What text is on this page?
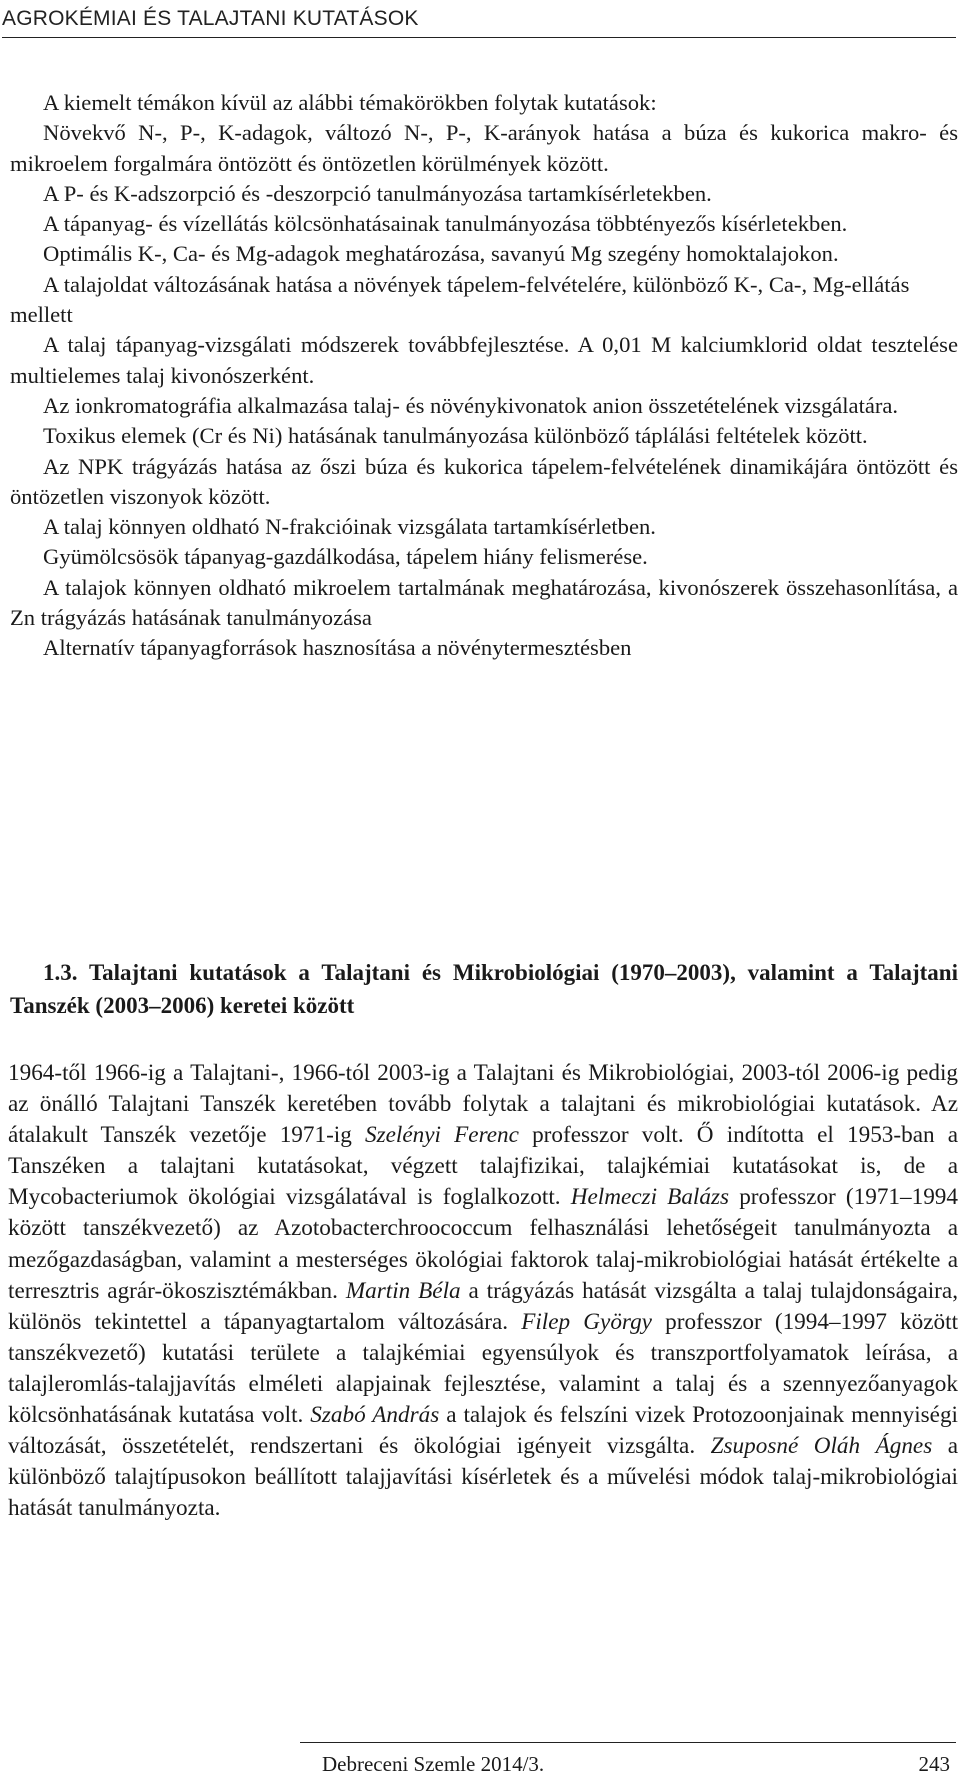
AGROKÉMIAI ÉS TALAJTANI KUTATÁSOK

A kiemelt témákon kívül az alábbi témakörökben folytak kutatások:

Növekvő N-, P-, K-adagok, változó N-, P-, K-arányok hatása a búza és kukorica makro- és mikroelem forgalmára öntözött és öntözetlen körülmények között.

A P- és K-adszorpció és -deszorpció tanulmányozása tartamkísérletekben.

A tápanyag- és vízellátás kölcsönhatásainak tanulmányozása többtényezős kísérletekben.

Optimális K-, Ca- és Mg-adagok meghatározása, savanyú Mg szegény homoktalajokon.

A talajoldat változásának hatása a növények tápelem-felvételére, különböző K-, Ca-, Mg-ellátás mellett

A talaj tápanyag-vizsgálati módszerek továbbfejlesztése. A 0,01 M kalciumklorid oldat tesztelése multielemes talaj kivonószerként.

Az ionkromatográfia alkalmazása talaj- és növénykivonatok anion összetételének vizsgálatára.

Toxikus elemek (Cr és Ni) hatásának tanulmányozása különböző táplálási feltételek között.

Az NPK trágyázás hatása az őszi búza és kukorica tápelem-felvételének dinamikájára öntözött és öntözetlen viszonyok között.

A talaj könnyen oldható N-frakcióinak vizsgálata tartamkísérletben.

Gyümölcsösök tápanyag-gazdálkodása, tápelem hiány felismerése.

A talajok könnyen oldható mikroelem tartalmának meghatározása, kivonószerek összehasonlítása, a Zn trágyázás hatásának tanulmányozása

Alternatív tápanyagforrások hasznosítása a növénytermesztésben

1.3. Talajtani kutatások a Talajtani és Mikrobiológiai (1970–2003), valamint a Talajtani Tanszék (2003–2006) keretei között

1964-től 1966-ig a Talajtani-, 1966-tól 2003-ig a Talajtani és Mikrobiológiai, 2003-tól 2006-ig pedig az önálló Talajtani Tanszék keretében tovább folytak a talajtani és mikrobiológiai kutatások. Az átalakult Tanszék vezetője 1971-ig Szelényi Ferenc professzor volt. Ő indította el 1953-ban a Tanszéken a talajtani kutatásokat, végzett talajfizikai, talajkémiai kutatásokat is, de a Mycobacteriumok ökológiai vizsgálatával is foglalkozott. Helmeczi Balázs professzor (1971–1994 között tanszékvezető) az Azotobacterchroococcum felhasználási lehetőségeit tanulmányozta a mezőgazdaságban, valamint a mesterséges ökológiai faktorok talaj-mikrobiológiai hatását értékelte a terresztris agrár-ökoszisztémákban. Martin Béla a trágyázás hatását vizsgálta a talaj tulajdonságaira, különös tekintettel a tápanyagtartalom változására. Filep György professzor (1994–1997 között tanszékvezető) kutatási területe a talajkémiai egyensúlyok és transzportfolyamatok leírása, a talajleromlás-talajjavítás elméleti alapjainak fejlesztése, valamint a talaj és a szennyezőanyagok kölcsönhatásának kutatása volt. Szabó András a talajok és felszíni vizek Protozoonjainak mennyiségi változását, összetételét, rendszertani és ökológiai igényeit vizsgálta. Zsuposné Oláh Ágnes a különböző talajtípusokon beállított talajjavítási kísérletek és a művelési módok talaj-mikrobiológiai hatását tanulmányozta.

Debreceni Szemle 2014/3.	243
